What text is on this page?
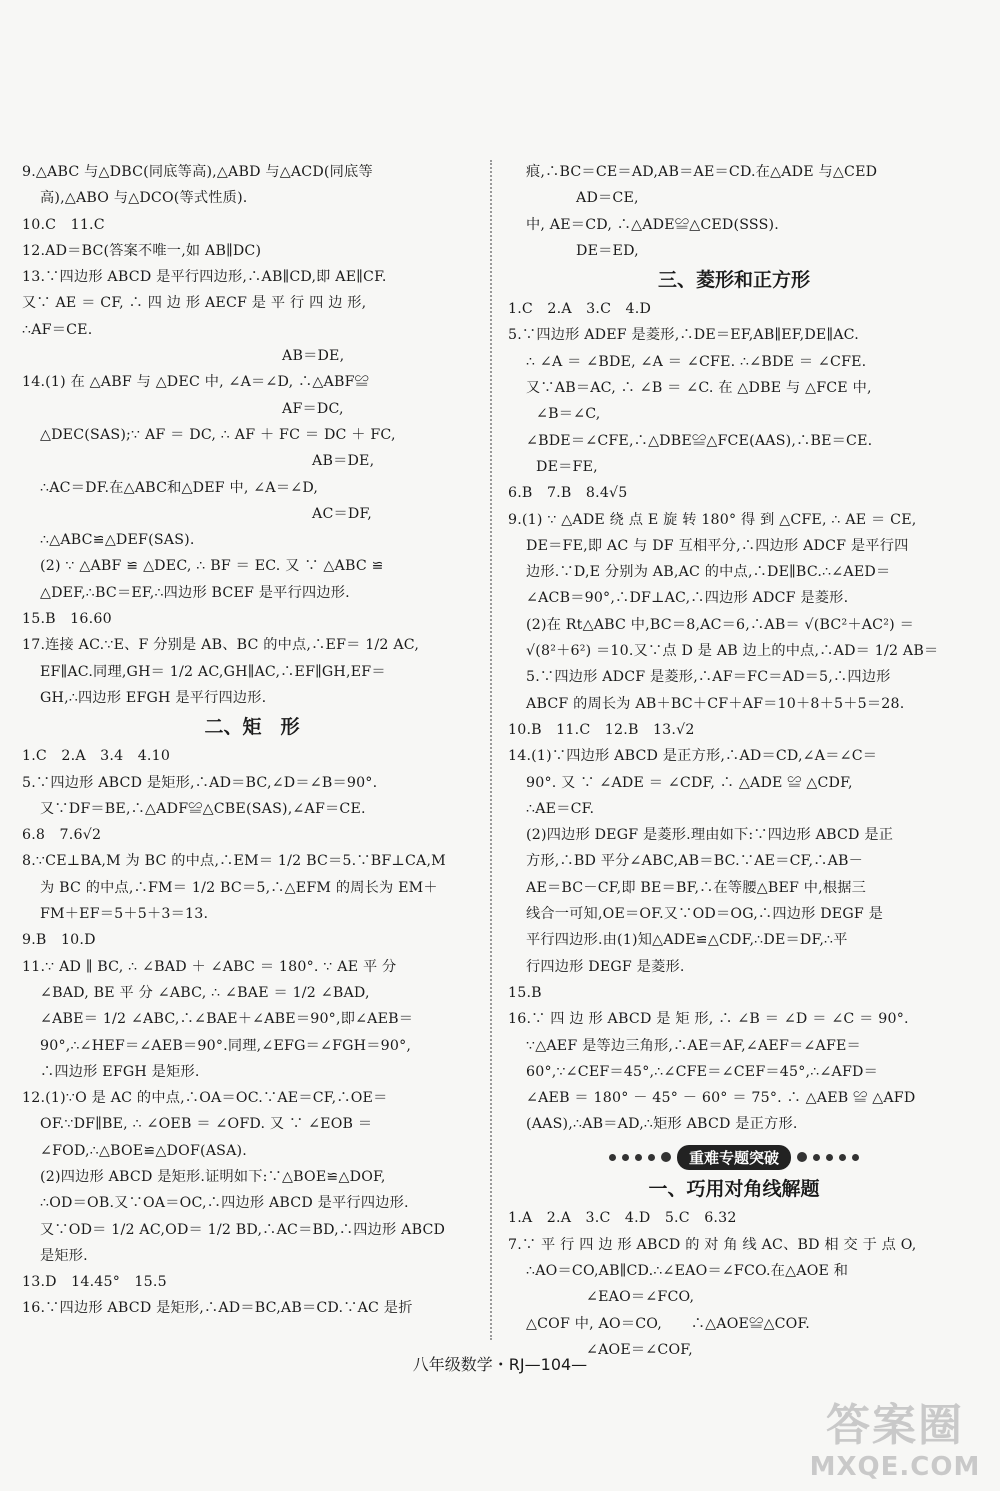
9.△ABC 与△DBC(同底等高),△ABD 与△ACD(同底等
高),△ABO 与△DCO(等式性质).
10.C　11.C
12.AD＝BC(答案不唯一,如 AB∥DC)
13.∵四边形 ABCD 是平行四边形,∴AB∥CD,即 AE∥CF.
又∵ AE ＝ CF, ∴ 四 边 形 AECF 是 平 行 四 边 形,
∴AF＝CE.
AB＝DE,
14.(1) 在 △ABF 与 △DEC 中, ∠A＝∠D, ∴△ABF≌
AF＝DC,
△DEC(SAS);∵ AF ＝ DC, ∴ AF ＋ FC ＝ DC ＋ FC,
AB＝DE,
∴AC＝DF.在△ABC和△DEF 中, ∠A＝∠D,
AC＝DF,
∴△ABC≌△DEF(SAS).
(2) ∵ △ABF ≌ △DEC, ∴ BF ＝ EC. 又 ∵ △ABC ≌
△DEF,∴BC＝EF,∴四边形 BCEF 是平行四边形.
15.B　16.60
17.连接 AC.∵E、F 分别是 AB、BC 的中点,∴EF＝ 1/2 AC,
EF∥AC.同理,GH＝ 1/2 AC,GH∥AC,∴EF∥GH,EF＝
GH,∴四边形 EFGH 是平行四边形.
二、矩　形
1.C　2.A　3.4　4.10
5.∵四边形 ABCD 是矩形,∴AD＝BC,∠D＝∠B＝90°.
又∵DF＝BE,∴△ADF≌△CBE(SAS),∠AF＝CE.
6.8　7.6√2
8.∵CE⊥BA,M 为 BC 的中点,∴EM＝ 1/2 BC＝5.∵BF⊥CA,M
为 BC 的中点,∴FM＝ 1/2 BC＝5,∴△EFM 的周长为 EM＋
FM＋EF＝5＋5＋3＝13.
9.B　10.D
11.∵ AD ∥ BC, ∴ ∠BAD ＋ ∠ABC ＝ 180°. ∵ AE 平 分
∠BAD, BE 平 分 ∠ABC, ∴ ∠BAE ＝ 1/2 ∠BAD,
∠ABE＝ 1/2 ∠ABC,∴∠BAE＋∠ABE＝90°,即∠AEB＝
90°,∴∠HEF＝∠AEB＝90°.同理,∠EFG＝∠FGH＝90°,
∴四边形 EFGH 是矩形.
12.(1)∵O 是 AC 的中点,∴OA＝OC.∵AE＝CF,∴OE＝
OF.∵DF∥BE, ∴ ∠OEB ＝ ∠OFD. 又 ∵ ∠EOB ＝
∠FOD,∴△BOE≌△DOF(ASA).
(2)四边形 ABCD 是矩形.证明如下:∵△BOE≌△DOF,
∴OD＝OB.又∵OA＝OC,∴四边形 ABCD 是平行四边形.
又∵OD＝ 1/2 AC,OD＝ 1/2 BD,∴AC＝BD,∴四边形 ABCD
是矩形.
13.D　14.45°　15.5
16.∵四边形 ABCD 是矩形,∴AD＝BC,AB＝CD.∵AC 是折
痕,∴BC＝CE＝AD,AB＝AE＝CD.在△ADE 与△CED
AD＝CE,
中, AE＝CD, ∴△ADE≌△CED(SSS).
DE＝ED,
三、菱形和正方形
1.C　2.A　3.C　4.D
5.∵四边形 ADEF 是菱形,∴DE＝EF,AB∥EF,DE∥AC.
∴ ∠A ＝ ∠BDE, ∠A ＝ ∠CFE. ∴∠BDE ＝ ∠CFE.
又∵AB＝AC, ∴ ∠B ＝ ∠C. 在 △DBE 与 △FCE 中,
∠B＝∠C,
∠BDE＝∠CFE,∴△DBE≌△FCE(AAS),∴BE＝CE.
DE＝FE,
6.B　7.B　8.4√5
9.(1) ∵ △ADE 绕 点 E 旋 转 180° 得 到 △CFE, ∴ AE ＝ CE,
DE＝FE,即 AC 与 DF 互相平分,∴四边形 ADCF 是平行四
边形.∵D,E 分别为 AB,AC 的中点,∴DE∥BC.∴∠AED＝
∠ACB＝90°,∴DF⊥AC,∴四边形 ADCF 是菱形.
(2)在 Rt△ABC 中,BC＝8,AC＝6,∴AB＝ √(BC²＋AC²) ＝
√(8²＋6²) ＝10.又∵点 D 是 AB 边上的中点,∴AD＝ 1/2 AB＝
5.∵四边形 ADCF 是菱形,∴AF＝FC＝AD＝5,∴四边形
ABCF 的周长为 AB＋BC＋CF＋AF＝10＋8＋5＋5＝28.
10.B　11.C　12.B　13.√2
14.(1)∵四边形 ABCD 是正方形,∴AD＝CD,∠A＝∠C＝
90°. 又 ∵ ∠ADE ＝ ∠CDF, ∴ △ADE ≌ △CDF,
∴AE＝CF.
(2)四边形 DEGF 是菱形.理由如下:∵四边形 ABCD 是正
方形,∴BD 平分∠ABC,AB＝BC.∵AE＝CF,∴AB－
AE＝BC－CF,即 BE＝BF,∴在等腰△BEF 中,根据三
线合一可知,OE＝OF.又∵OD＝OG,∴四边形 DEGF 是
平行四边形.由(1)知△ADE≌△CDF,∴DE＝DF,∴平
行四边形 DEGF 是菱形.
15.B
16.∵ 四 边 形 ABCD 是 矩 形, ∴ ∠B ＝ ∠D ＝ ∠C ＝ 90°.
∵△AEF 是等边三角形,∴AE＝AF,∠AEF＝∠AFE＝
60°,∵∠CEF＝45°,∴∠CFE＝∠CEF＝45°,∴∠AFD＝
∠AEB ＝ 180° － 45° － 60° ＝ 75°. ∴ △AEB ≌ △AFD
(AAS),∴AB＝AD,∴矩形 ABCD 是正方形.
重难专题突破
一、巧用对角线解题
1.A　2.A　3.C　4.D　5.C　6.32
7.∵ 平 行 四 边 形 ABCD 的 对 角 线 AC、BD 相 交 于 点 O,
∴AO＝CO,AB∥CD.∴∠EAO＝∠FCO.在△AOE 和
∠EAO＝∠FCO,
△COF 中, AO＝CO,　　∴△AOE≌△COF.
∠AOE＝∠COF,
八年级数学・RJ—104—
答案圈
MXQE.COM
